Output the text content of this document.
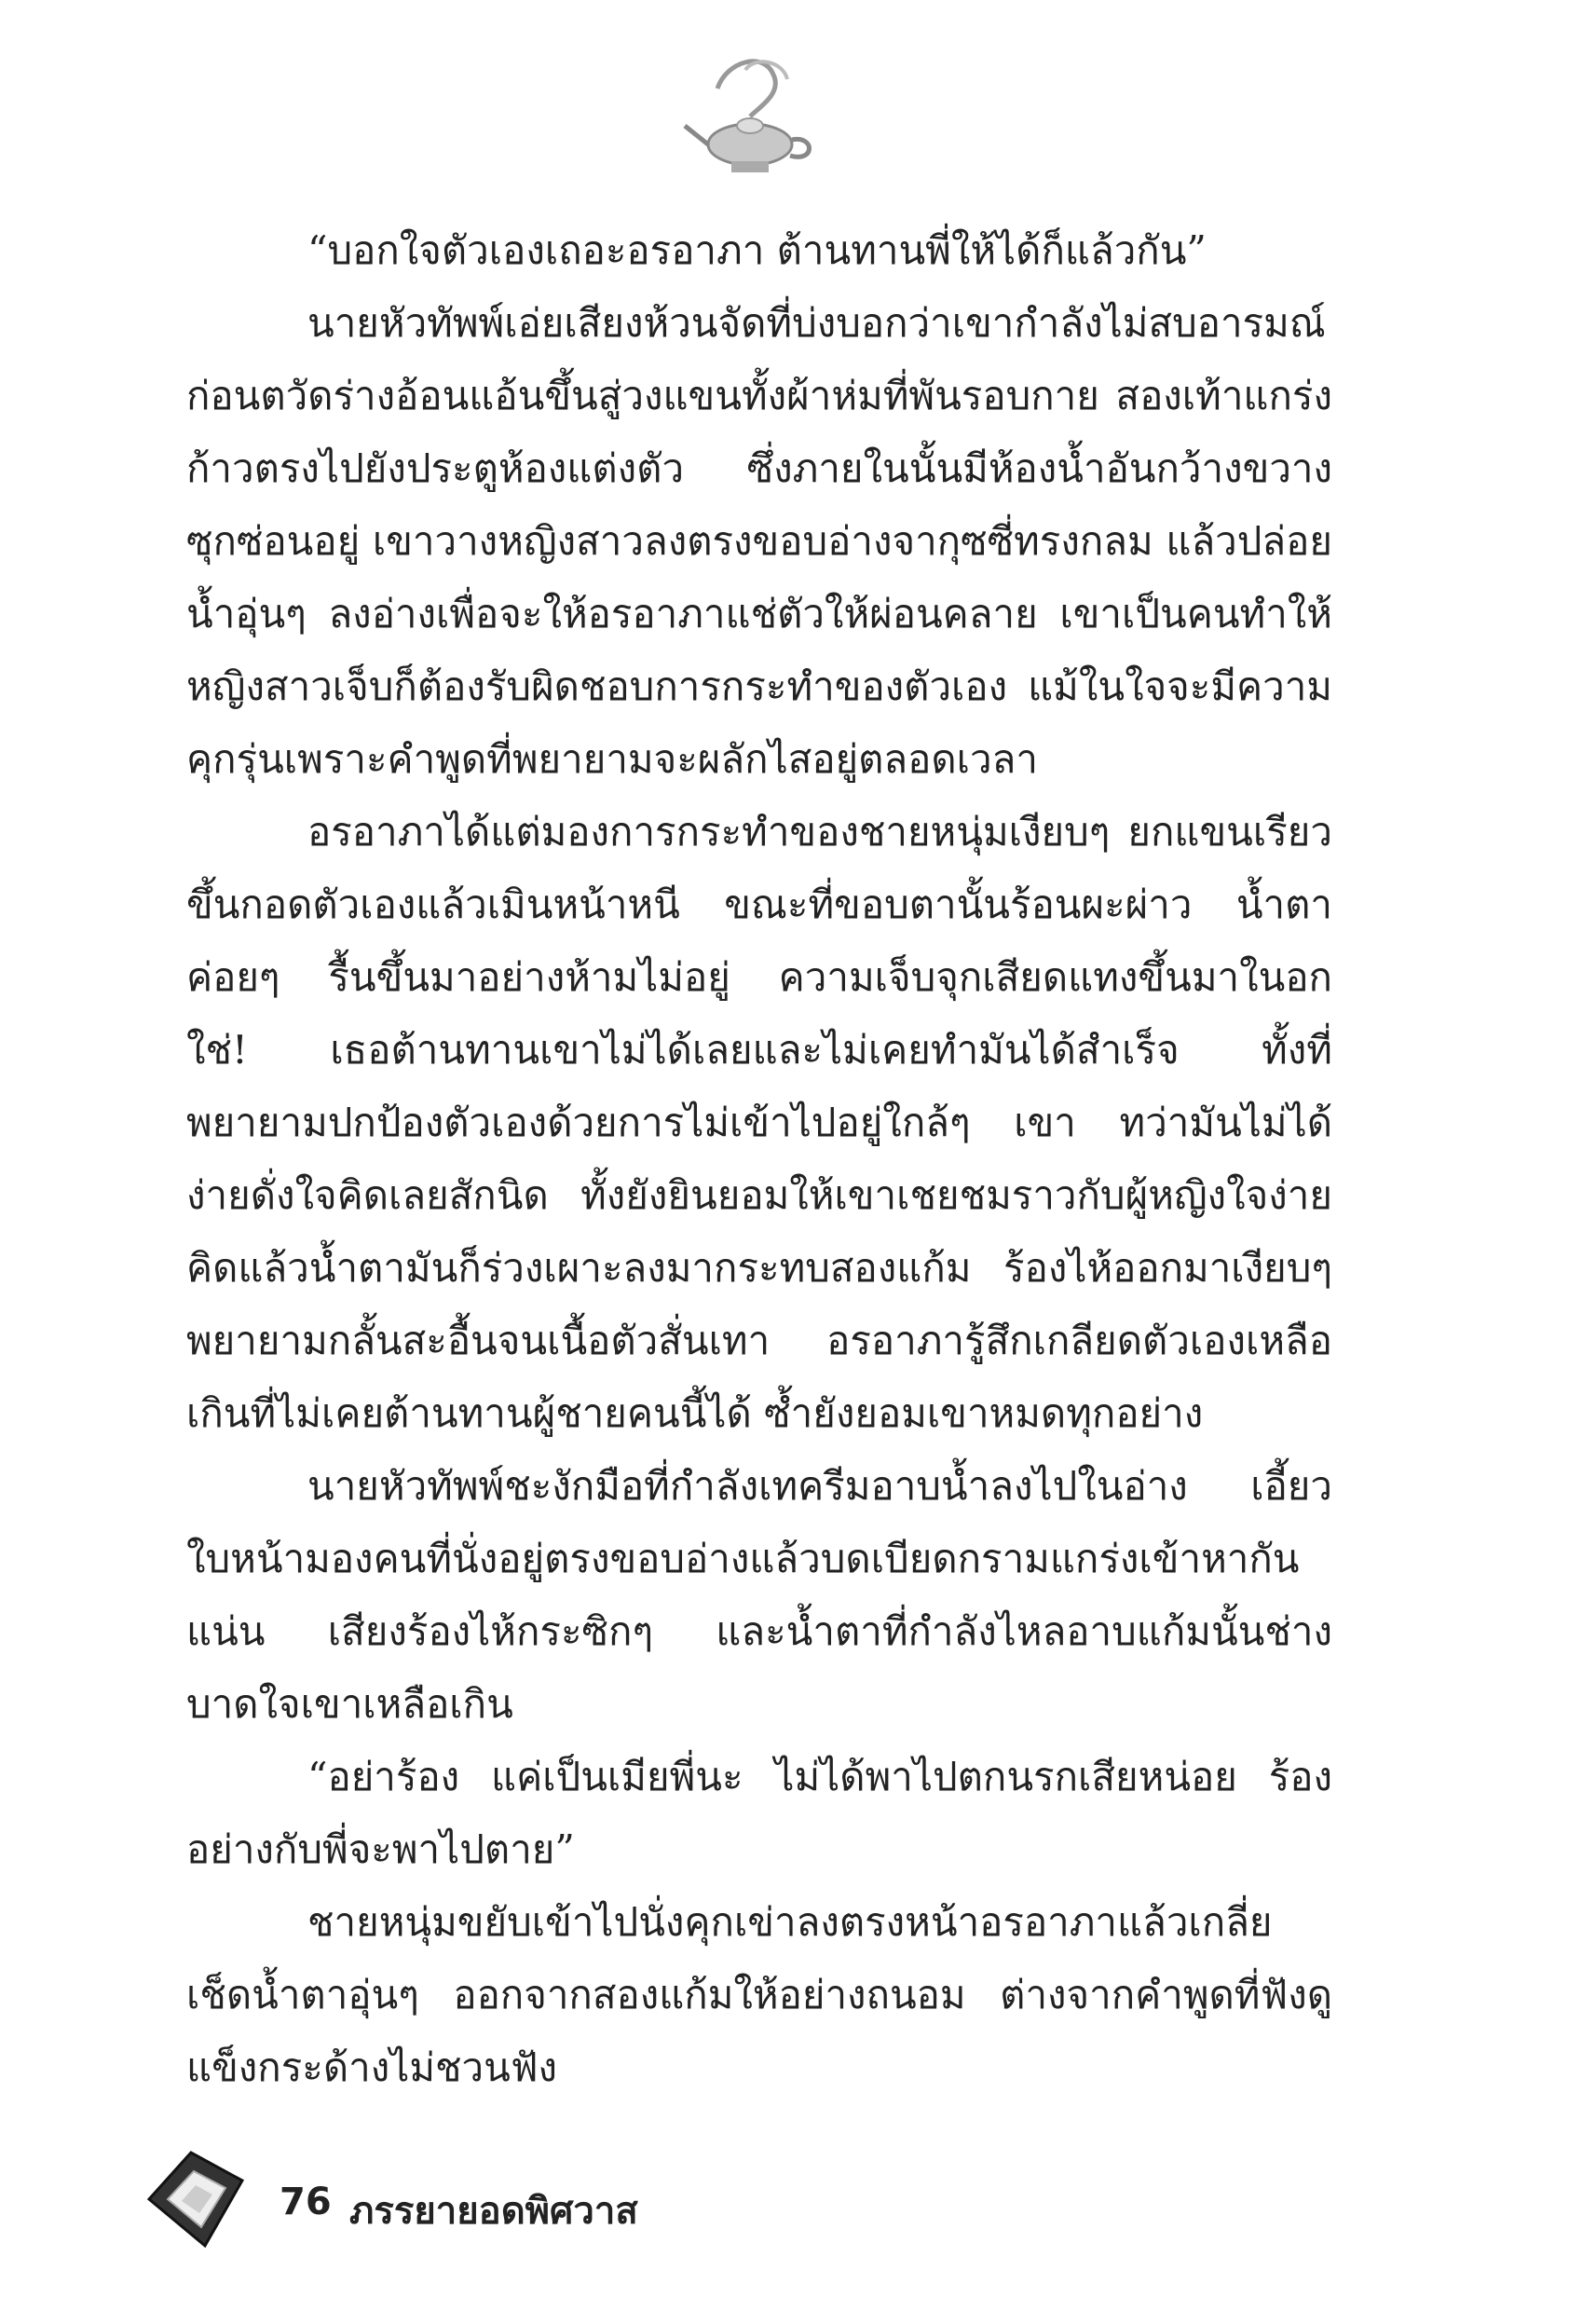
“บอกใจตัวเองเถอะอรอาภา ต้านทานพี่ให้ได้ก็แล้วกัน”

นายหัวทัพพ์เอ่ยเสียงห้วนจัดที่บ่งบอกว่าเขากำลังไม่สบอารมณ์ ก่อนตวัดร่างอ้อนแอ้นขึ้นสู่วงแขนทั้งผ้าห่มที่พันรอบกาย สองเท้าแกร่งก้าวตรงไปยังประตูห้องแต่งตัว ซึ่งภายในนั้นมีห้องน้ำอันกว้างขวางซุกซ่อนอยู่ เขาวางหญิงสาวลงตรงขอบอ่างจากุซซี่ทรงกลม แล้วปล่อยน้ำอุ่นๆ ลงอ่างเพื่อจะให้อรอาภาแช่ตัวให้ผ่อนคลาย เขาเป็นคนทำให้หญิงสาวเจ็บก็ต้องรับผิดชอบการกระทำของตัวเอง แม้ในใจจะมีความคุกรุ่นเพราะคำพูดที่พยายามจะผลักไสอยู่ตลอดเวลา

อรอาภาได้แต่มองการกระทำของชายหนุ่มเงียบๆ ยกแขนเรียวขึ้นกอดตัวเองแล้วเมินหน้าหนี ขณะที่ขอบตานั้นร้อนผะผ่าว น้ำตาค่อยๆ รื้นขึ้นมาอย่างห้ามไม่อยู่ ความเจ็บจุกเสียดแทงขึ้นมาในอก ใช่! เธอต้านทานเขาไม่ได้เลยและไม่เคยทำมันได้สำเร็จ ทั้งที่พยายามปกป้องตัวเองด้วยการไม่เข้าไปอยู่ใกล้ๆ เขา ทว่ามันไม่ได้ง่ายดั่งใจคิดเลยสักนิด ทั้งยังยินยอมให้เขาเชยชมราวกับผู้หญิงใจง่าย คิดแล้วน้ำตามันก็ร่วงเผาะลงมากระทบสองแก้ม ร้องไห้ออกมาเงียบๆ พยายามกลั้นสะอื้นจนเนื้อตัวสั่นเทา อรอาภารู้สึกเกลียดตัวเองเหลือเกินที่ไม่เคยต้านทานผู้ชายคนนี้ได้ ซ้ำยังยอมเขาหมดทุกอย่าง

นายหัวทัพพ์ชะงักมือที่กำลังเทครีมอาบน้ำลงไปในอ่าง เอี้ยวใบหน้ามองคนที่นั่งอยู่ตรงขอบอ่างแล้วบดเบียดกรามแกร่งเข้าหากันแน่น เสียงร้องไห้กระซิกๆ และน้ำตาที่กำลังไหลอาบแก้มนั้นช่างบาดใจเขาเหลือเกิน

“อย่าร้อง แค่เป็นเมียพี่นะ ไม่ได้พาไปตกนรกเสียหน่อย ร้องอย่างกับพี่จะพาไปตาย”

ชายหนุ่มขยับเข้าไปนั่งคุกเข่าลงตรงหน้าอรอาภาแล้วเกลี่ยเช็ดน้ำตาอุ่นๆ ออกจากสองแก้มให้อย่างถนอม ต่างจากคำพูดที่ฟังดูแข็งกระด้างไม่ชวนฟัง

76 ภรรยายอดพิศวาส
